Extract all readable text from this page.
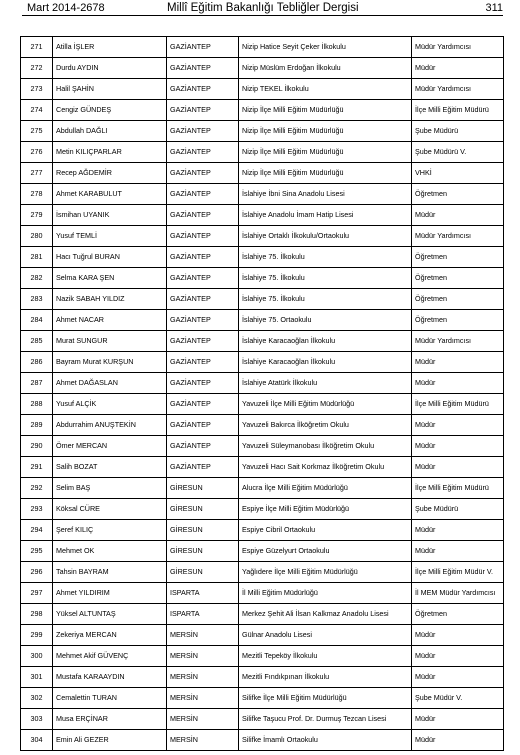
Mart 2014-2678	Millî Eğitim Bakanlığı Tebliğler Dergisi	311
271	Atilla İŞLER	GAZİANTEP	Nizip Hatice Seyit Çeker İlkokulu	Müdür Yardımcısı
272	Durdu AYDIN	GAZİANTEP	Nizip Müslüm Erdoğan İlkokulu	Müdür
273	Halil ŞAHİN	GAZİANTEP	Nizip TEKEL İlkokulu	Müdür Yardımcısı
274	Cengiz GÜNDEŞ	GAZİANTEP	Nizip İlçe Milli Eğitim Müdürlüğü	İlçe Milli Eğitim Müdürü
275	Abdullah DAĞLI	GAZİANTEP	Nizip İlçe Milli Eğitim Müdürlüğü	Şube Müdürü
276	Metin KILIÇPARLAR	GAZİANTEP	Nizip İlçe Milli Eğitim Müdürlüğü	Şube Müdürü V.
277	Recep AĞDEMİR	GAZİANTEP	Nizip İlçe Milli Eğitim Müdürlüğü	VHKİ
278	Ahmet KARABULUT	GAZİANTEP	İslahiye İbni Sina Anadolu Lisesi	Öğretmen
279	İsmihan UYANIK	GAZİANTEP	İslahiye Anadolu İmam Hatip Lisesi	Müdür
280	Yusuf TEMLİ	GAZİANTEP	İslahiye Ortaklı İlkokulu/Ortaokulu	Müdür Yardımcısı
281	Hacı Tuğrul BURAN	GAZİANTEP	İslahiye 75. İlkokulu	Öğretmen
282	Selma KARA ŞEN	GAZİANTEP	İslahiye 75. İlkokulu	Öğretmen
283	Nazik SABAH YILDIZ	GAZİANTEP	İslahiye 75. İlkokulu	Öğretmen
284	Ahmet NACAR	GAZİANTEP	İslahiye 75. Ortaokulu	Öğretmen
285	Murat SUNGUR	GAZİANTEP	İslahiye Karacaoğlan İlkokulu	Müdür Yardımcısı
286	Bayram Murat KURŞUN	GAZİANTEP	İslahiye Karacaoğlan İlkokulu	Müdür
287	Ahmet DAĞASLAN	GAZİANTEP	İslahiye Atatürk İlkokulu	Müdür
288	Yusuf ALÇİK	GAZİANTEP	Yavuzeli İlçe Milli Eğitim Müdürlüğü	İlçe Milli Eğitim Müdürü
289	Abdurrahim ANUŞTEKİN	GAZİANTEP	Yavuzeli Bakırca İlköğretim Okulu	Müdür
290	Ömer MERCAN	GAZİANTEP	Yavuzeli Süleymanobası İlköğretim Okulu	Müdür
291	Salih BOZAT	GAZİANTEP	Yavuzeli Hacı Sait Korkmaz İlköğretim Okulu	Müdür
292	Selim BAŞ	GİRESUN	Alucra İlçe Milli Eğitim Müdürlüğü	İlçe Milli Eğitim Müdürü
293	Köksal CÜRE	GİRESUN	Espiye İlçe Milli Eğitim Müdürlüğü	Şube Müdürü
294	Şeref KILIÇ	GİRESUN	Espiye Cibril Ortaokulu	Müdür
295	Mehmet OK	GİRESUN	Espiye Güzelyurt Ortaokulu	Müdür
296	Tahsin BAYRAM	GİRESUN	Yağlıdere İlçe Milli Eğitim Müdürlüğü	İlçe Milli Eğitim Müdür V.
297	Ahmet YILDIRIM	ISPARTA	İl Milli Eğitim Müdürlüğü	İl MEM Müdür Yardımcısı
298	Yüksel ALTUNTAŞ	ISPARTA	Merkez Şehit Ali İlsan Kalkmaz Anadolu Lisesi	Öğretmen
299	Zekeriya MERCAN	MERSİN	Gülnar Anadolu Lisesi	Müdür
300	Mehmet Akif GÜVENÇ	MERSİN	Mezitli Tepeköy İlkokulu	Müdür
301	Mustafa KARAAYDIN	MERSİN	Mezitli Fındıkpınarı İlkokulu	Müdür
302	Cemalettin TURAN	MERSİN	Silifke İlçe Milli Eğitim Müdürlüğü	Şube Müdür V.
303	Musa ERÇİNAR	MERSİN	Silifke Taşucu Prof. Dr. Durmuş Tezcan Lisesi	Müdür
304	Emin Ali GEZER	MERSİN	Silifke İmamlı Ortaokulu	Müdür
